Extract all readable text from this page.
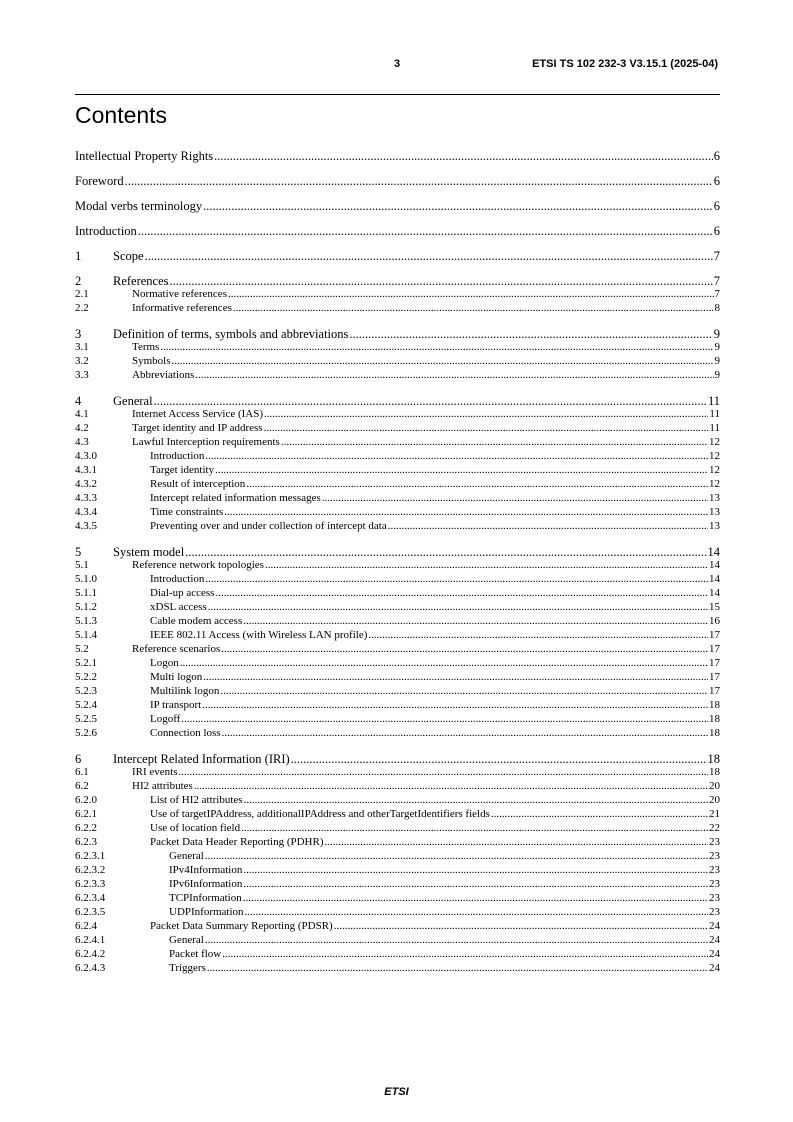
3	ETSI TS 102 232-3 V3.15.1 (2025-04)
Contents
Intellectual Property Rights .....	6
Foreword .....	6
Modal verbs terminology .....	6
Introduction .....	6
1	Scope .....	7
2	References .....	7
2.1	Normative references .....	7
2.2	Informative references .....	8
3	Definition of terms, symbols and abbreviations .....	9
3.1	Terms .....	9
3.2	Symbols .....	9
3.3	Abbreviations .....	9
4	General .....	11
4.1	Internet Access Service (IAS) .....	11
4.2	Target identity and IP address .....	11
4.3	Lawful Interception requirements .....	12
4.3.0	Introduction .....	12
4.3.1	Target identity .....	12
4.3.2	Result of interception .....	12
4.3.3	Intercept related information messages .....	13
4.3.4	Time constraints .....	13
4.3.5	Preventing over and under collection of intercept data .....	13
5	System model .....	14
5.1	Reference network topologies .....	14
5.1.0	Introduction .....	14
5.1.1	Dial-up access .....	14
5.1.2	xDSL access .....	15
5.1.3	Cable modem access .....	16
5.1.4	IEEE 802.11 Access (with Wireless LAN profile) .....	17
5.2	Reference scenarios .....	17
5.2.1	Logon .....	17
5.2.2	Multi logon .....	17
5.2.3	Multilink logon .....	17
5.2.4	IP transport .....	18
5.2.5	Logoff .....	18
5.2.6	Connection loss .....	18
6	Intercept Related Information (IRI) .....	18
6.1	IRI events .....	18
6.2	HI2 attributes .....	20
6.2.0	List of HI2 attributes .....	20
6.2.1	Use of targetIPAddress, additionalIPAddress and otherTargetIdentifiers fields .....	21
6.2.2	Use of location field .....	22
6.2.3	Packet Data Header Reporting (PDHR) .....	23
6.2.3.1	General .....	23
6.2.3.2	IPv4Information .....	23
6.2.3.3	IPv6Information .....	23
6.2.3.4	TCPInformation .....	23
6.2.3.5	UDPInformation .....	23
6.2.4	Packet Data Summary Reporting (PDSR) .....	24
6.2.4.1	General .....	24
6.2.4.2	Packet flow .....	24
6.2.4.3	Triggers .....	24
ETSI
